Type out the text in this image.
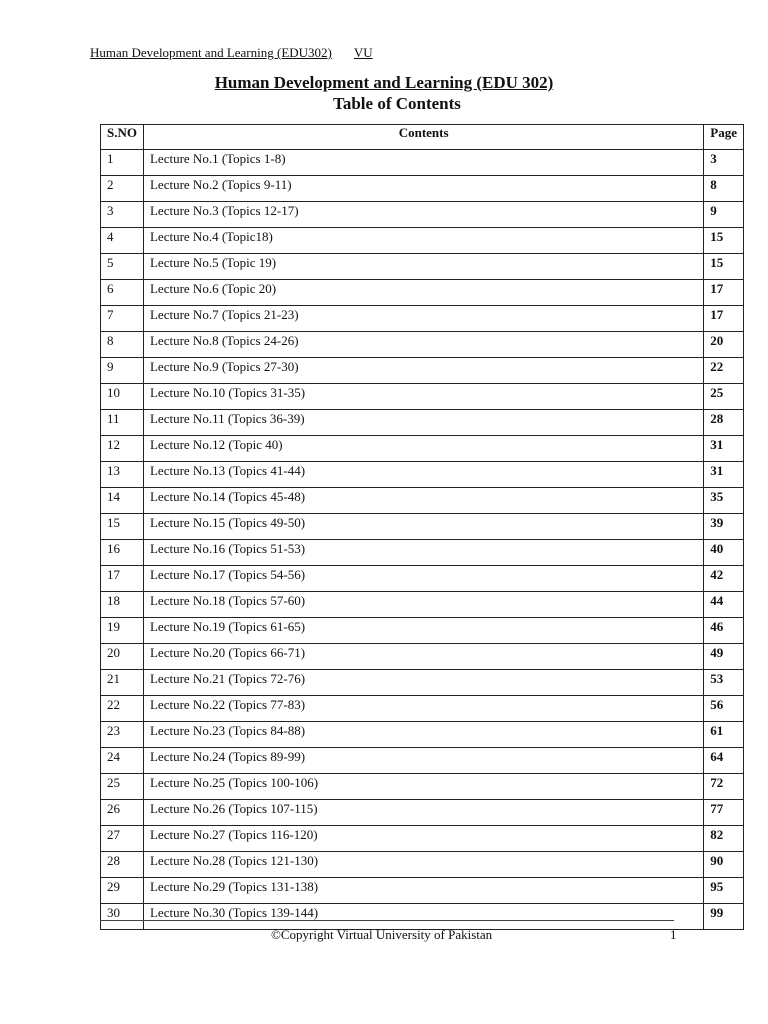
Human Development and Learning (EDU302) VU
Human Development and Learning (EDU 302)
Table of Contents
S.NO	Contents	Page
1	Lecture No.1 (Topics 1-8)	3
2	Lecture No.2 (Topics 9-11)	8
3	Lecture No.3 (Topics 12-17)	9
4	Lecture No.4 (Topic18)	15
5	Lecture No.5 (Topic 19)	15
6	Lecture No.6 (Topic 20)	17
7	Lecture No.7 (Topics 21-23)	17
8	Lecture No.8 (Topics 24-26)	20
9	Lecture No.9 (Topics 27-30)	22
10	Lecture No.10 (Topics 31-35)	25
11	Lecture No.11 (Topics 36-39)	28
12	Lecture No.12 (Topic 40)	31
13	Lecture No.13 (Topics 41-44)	31
14	Lecture No.14 (Topics 45-48)	35
15	Lecture No.15 (Topics 49-50)	39
16	Lecture No.16 (Topics 51-53)	40
17	Lecture No.17 (Topics 54-56)	42
18	Lecture No.18 (Topics 57-60)	44
19	Lecture No.19 (Topics 61-65)	46
20	Lecture No.20 (Topics 66-71)	49
21	Lecture No.21 (Topics 72-76)	53
22	Lecture No.22 (Topics 77-83)	56
23	Lecture No.23 (Topics 84-88)	61
24	Lecture No.24 (Topics 89-99)	64
25	Lecture No.25 (Topics 100-106)	72
26	Lecture No.26 (Topics 107-115)	77
27	Lecture No.27 (Topics 116-120)	82
28	Lecture No.28 (Topics 121-130)	90
29	Lecture No.29 (Topics 131-138)	95
30	Lecture No.30 (Topics 139-144)	99
©Copyright Virtual University of Pakistan	1
